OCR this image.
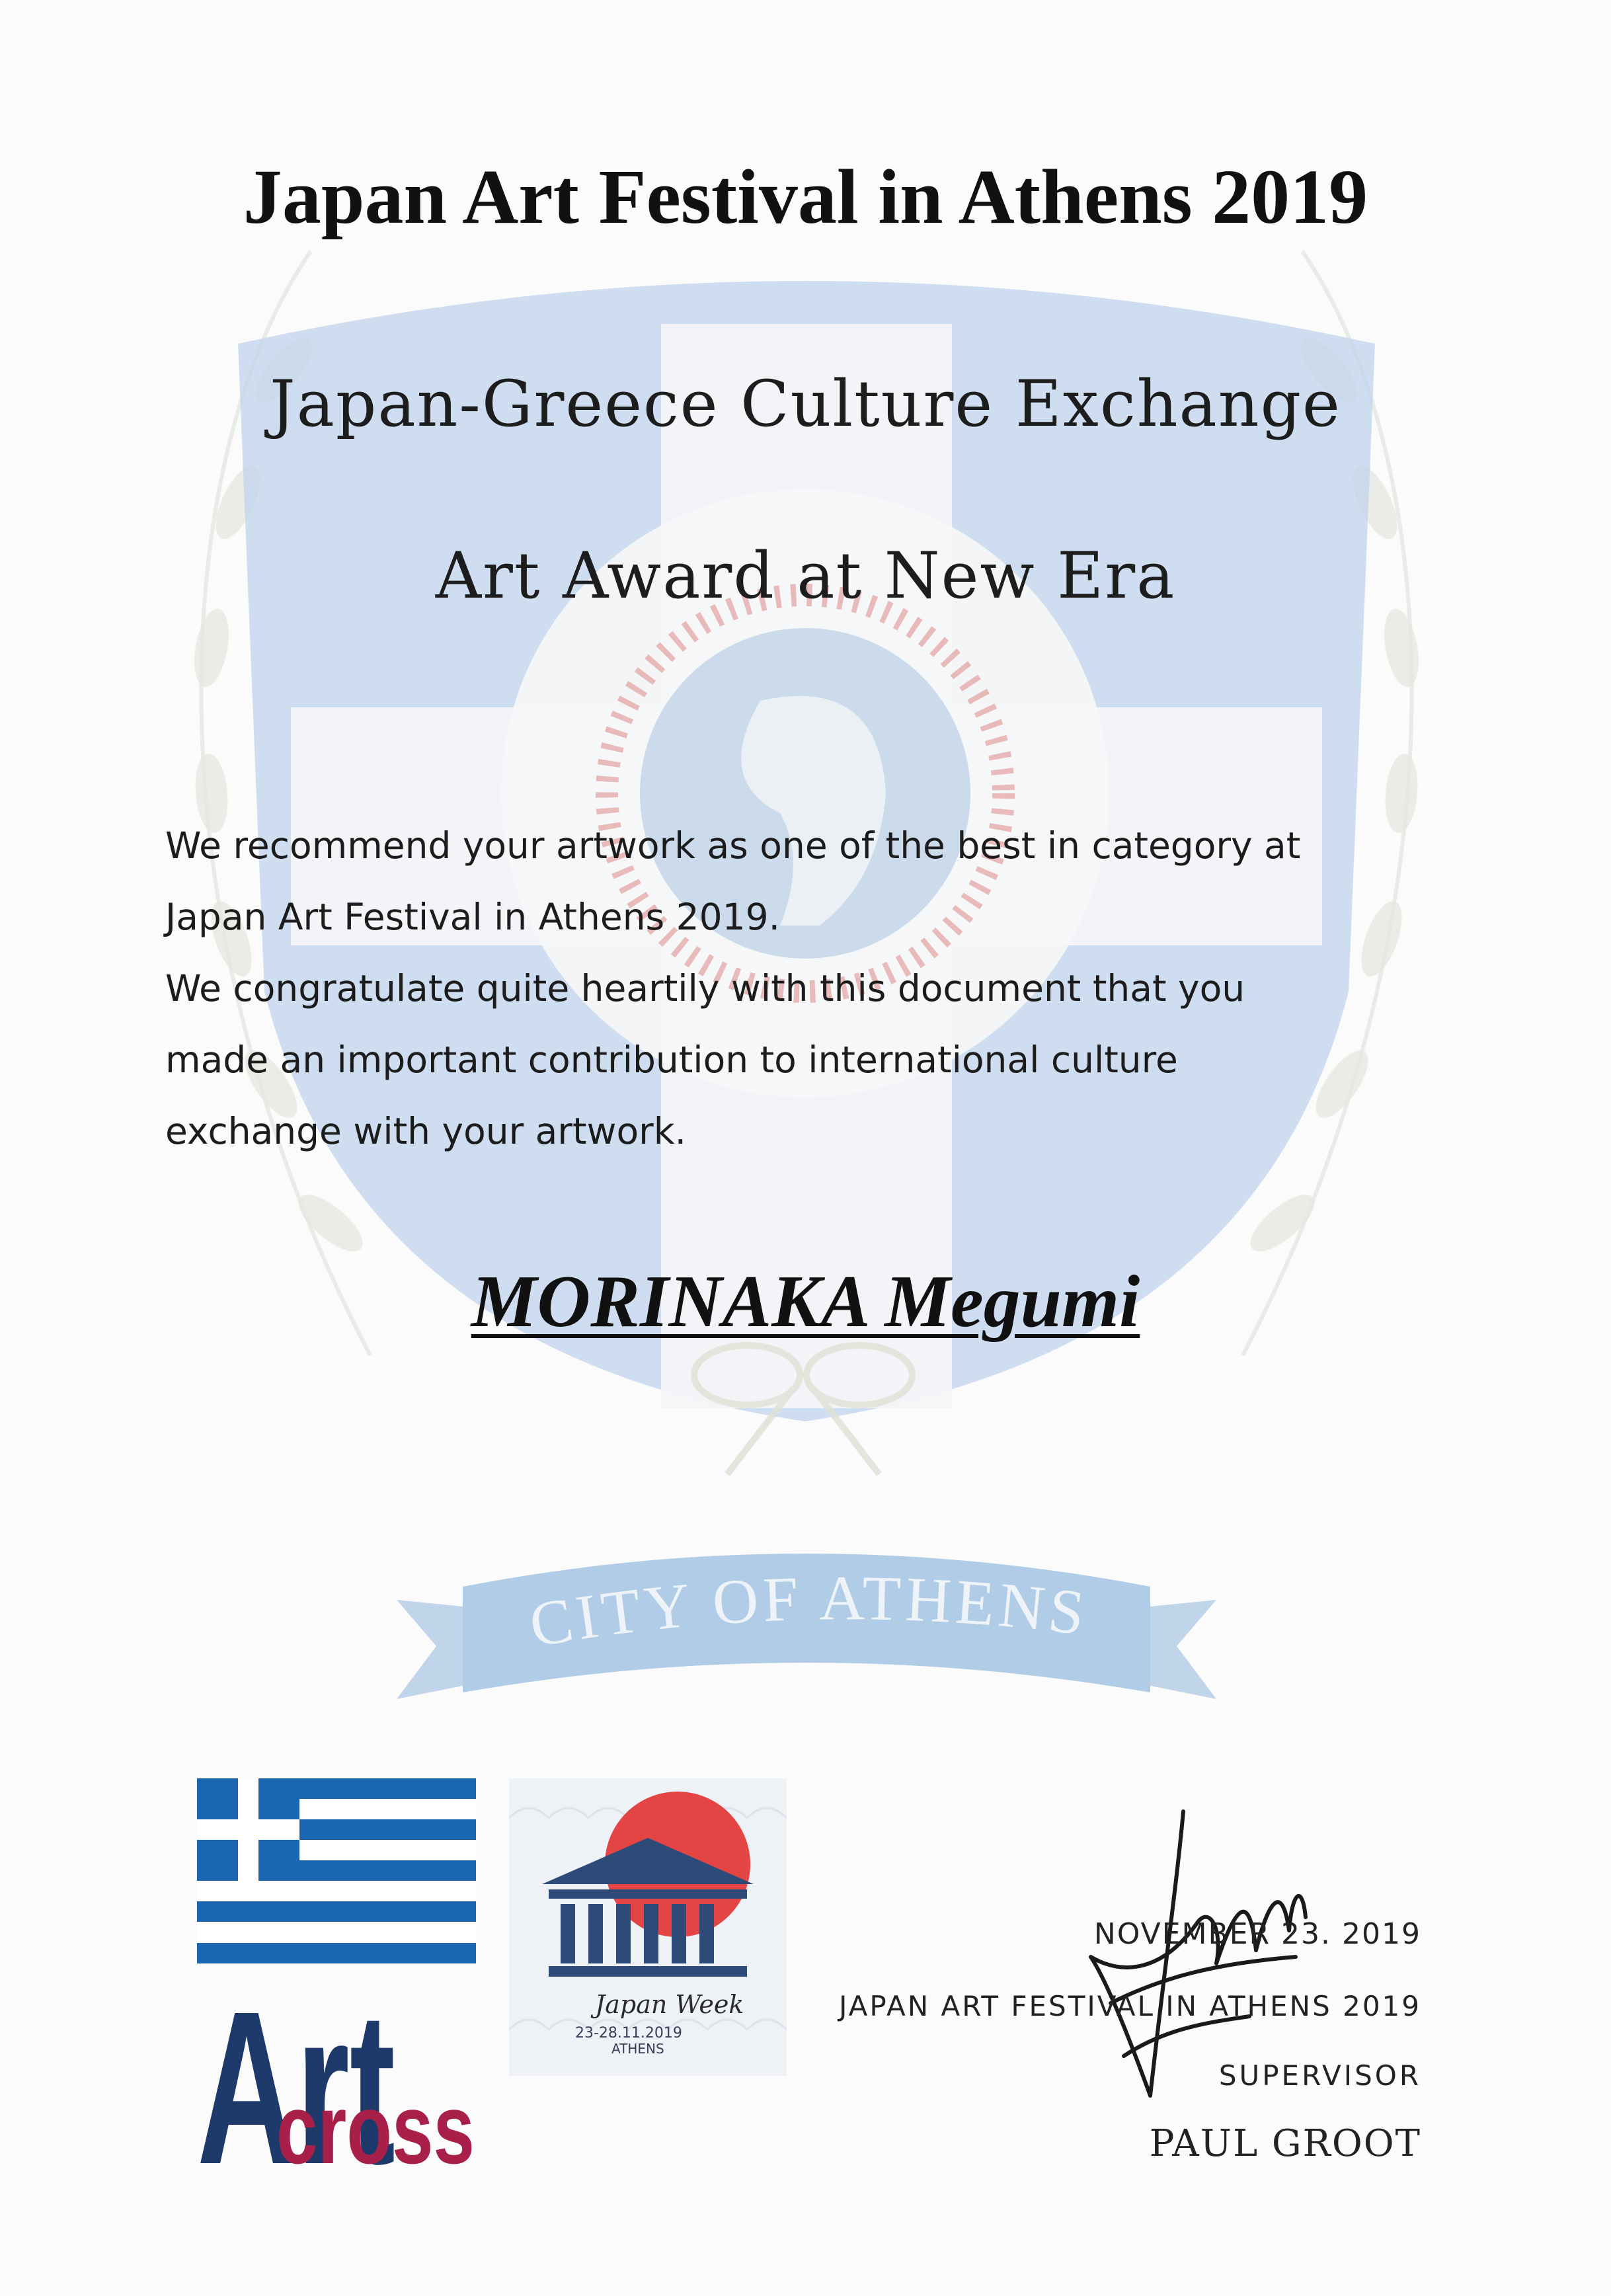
CITY OF ATHENS
Japan Art Festival in Athens 2019
Japan-Greece Culture Exchange
Art Award at New Era

We recommend your artwork as one of the best in category at

Japan Art Festival in Athens 2019.

We congratulate quite heartily with this document that you

made an important contribution to international culture

exchange with your artwork.

MORINAKA Megumi
Art
cross
Japan Week
23-28.11.2019
ATHENS
NOVEMBER 23. 2019
JAPAN ART FESTIVAL IN ATHENS 2019
SUPERVISOR
PAUL GROOT
